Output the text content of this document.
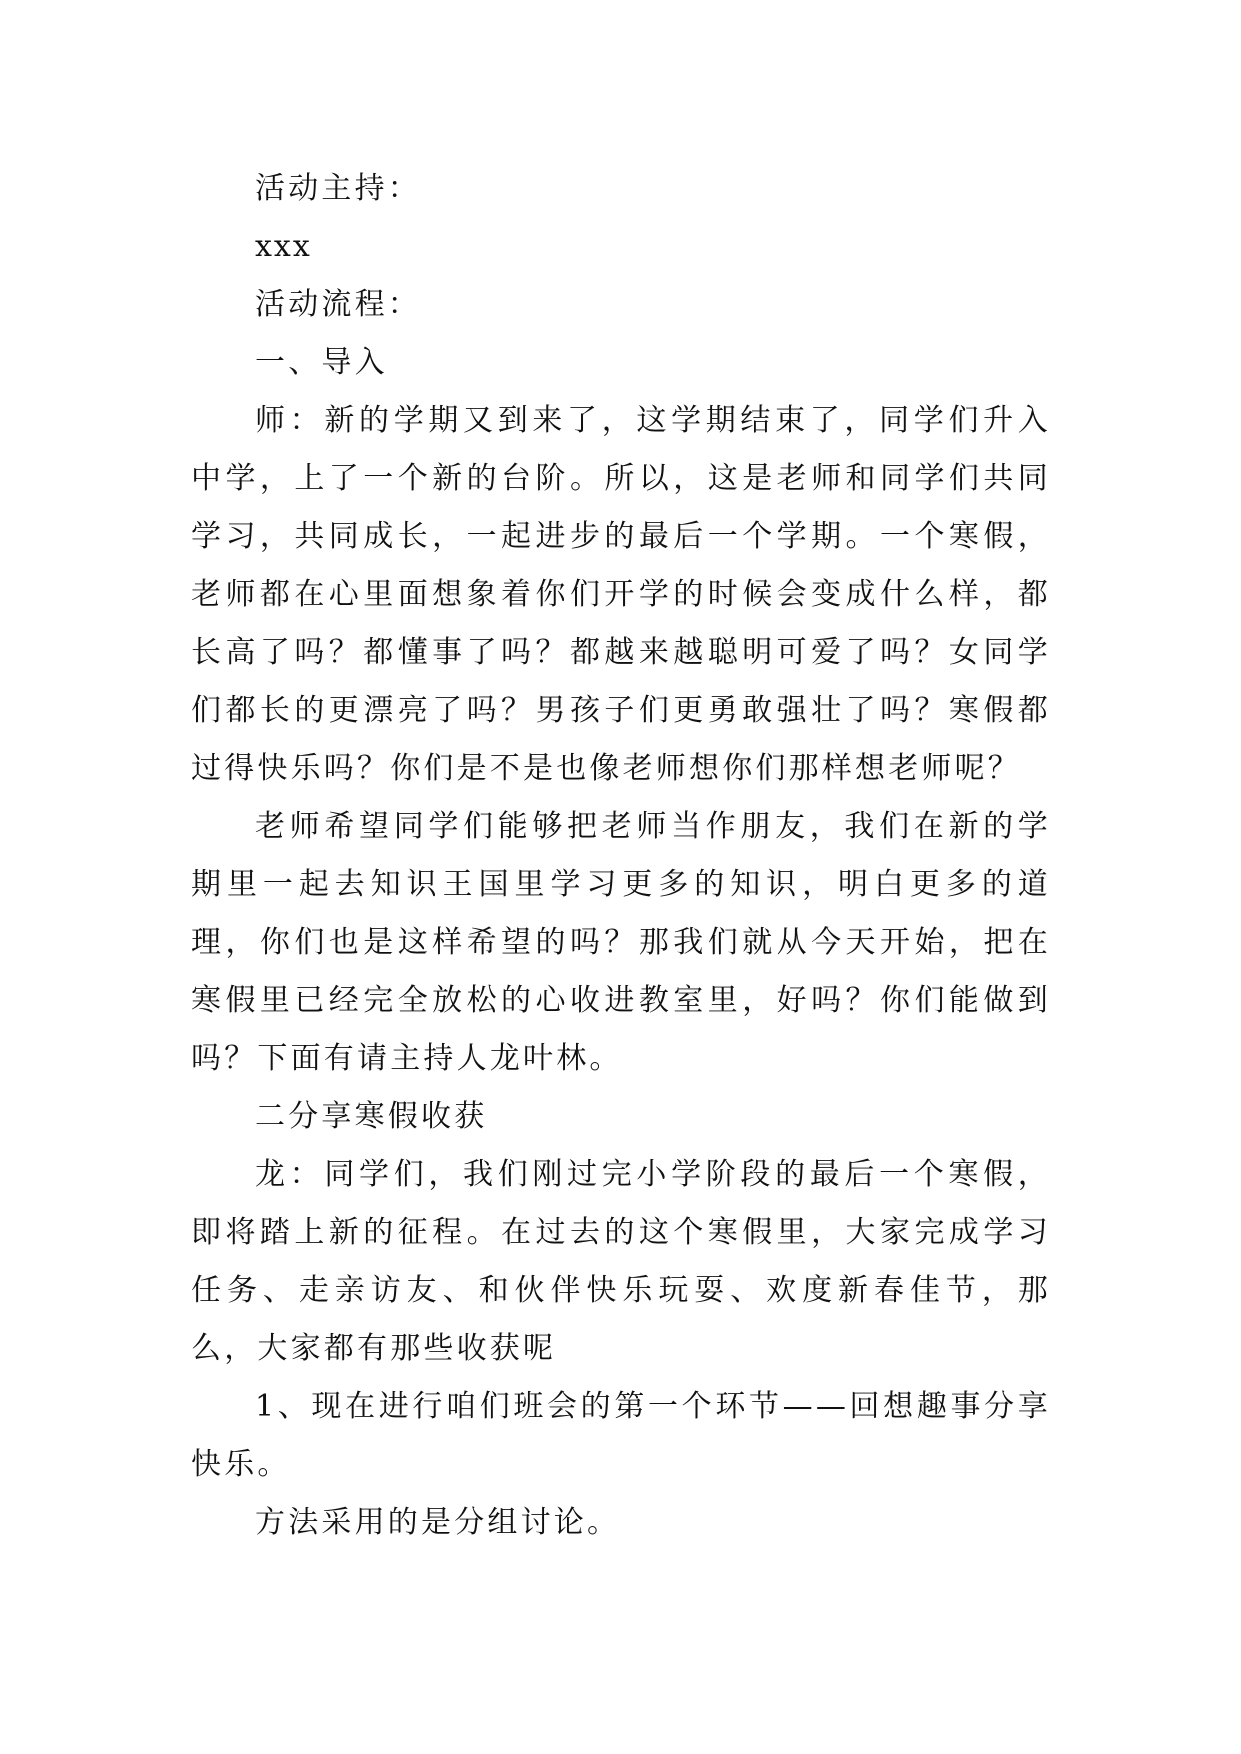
活动主持：

xxx

活动流程：

一、导入

师：新的学期又到来了，这学期结束了，同学们升入中学，上了一个新的台阶。所以，这是老师和同学们共同学习，共同成长，一起进步的最后一个学期。一个寒假，老师都在心里面想象着你们开学的时候会变成什么样，都长高了吗？都懂事了吗？都越来越聪明可爱了吗？女同学们都长的更漂亮了吗？男孩子们更勇敢强壮了吗？寒假都过得快乐吗？你们是不是也像老师想你们那样想老师呢？

老师希望同学们能够把老师当作朋友，我们在新的学期里一起去知识王国里学习更多的知识，明白更多的道理，你们也是这样希望的吗？那我们就从今天开始，把在寒假里已经完全放松的心收进教室里，好吗？你们能做到吗？下面有请主持人龙叶林。

二分享寒假收获

龙：同学们，我们刚过完小学阶段的最后一个寒假，即将踏上新的征程。在过去的这个寒假里，大家完成学习任务、走亲访友、和伙伴快乐玩耍、欢度新春佳节，那么，大家都有那些收获呢

1、现在进行咱们班会的第一个环节——回想趣事分享快乐。

方法采用的是分组讨论。
